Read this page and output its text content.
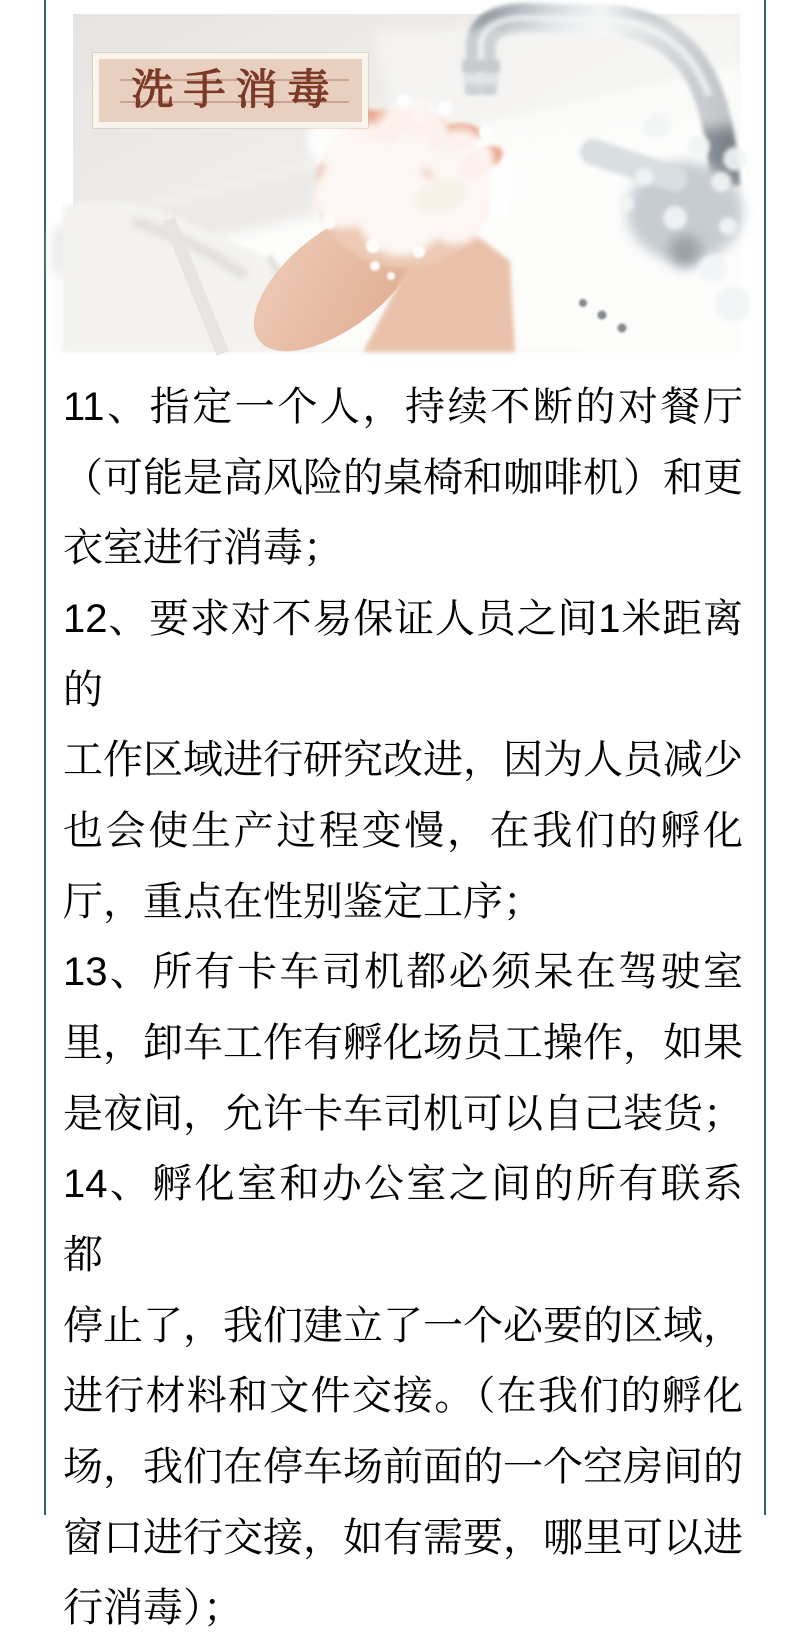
洗手消毒
11、指定一个人，持续不断的对餐厅
（可能是高风险的桌椅和咖啡机）和更
衣室进行消毒；
12、要求对不易保证人员之间1米距离的
工作区域进行研究改进，因为人员减少
也会使生产过程变慢，在我们的孵化
厅，重点在性别鉴定工序；
13、所有卡车司机都必须呆在驾驶室
里，卸车工作有孵化场员工操作，如果
是夜间，允许卡车司机可以自己装货；
14、孵化室和办公室之间的所有联系都
停止了，我们建立了一个必要的区域，
进行材料和文件交接。（在我们的孵化
场，我们在停车场前面的一个空房间的
窗口进行交接，如有需要，哪里可以进
行消毒）；
